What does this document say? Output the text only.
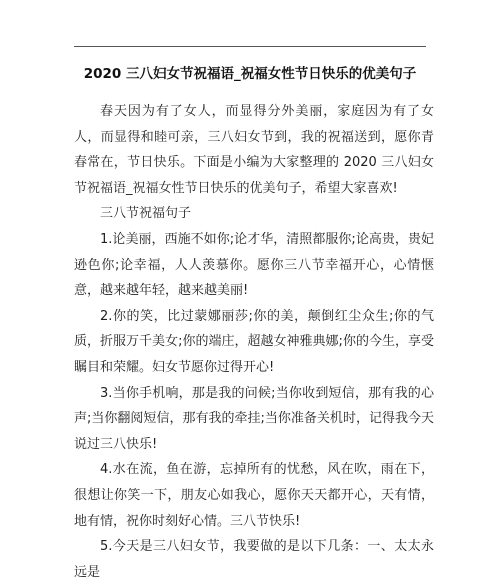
2020 三八妇女节祝福语_祝福女性节日快乐的优美句子

春天因为有了女人，而显得分外美丽，家庭因为有了女人，而显得和睦可亲，三八妇女节到，我的祝福送到，愿你青春常在，节日快乐。下面是小编为大家整理的 2020 三八妇女节祝福语_祝福女性节日快乐的优美句子，希望大家喜欢!

三八节祝福句子

1.论美丽，西施不如你;论才华，清照都服你;论高贵，贵妃逊色你;论幸福，人人羡慕你。愿你三八节幸福开心，心情惬意，越来越年轻，越来越美丽!

2.你的笑，比过蒙娜丽莎;你的美，颠倒红尘众生;你的气质，折服万千美女;你的端庄，超越女神雅典娜;你的今生，享受瞩目和荣耀。妇女节愿你过得开心!

3.当你手机响，那是我的问候;当你收到短信，那有我的心声;当你翻阅短信，那有我的牵挂;当你准备关机时，记得我今天说过三八快乐!

4.水在流，鱼在游，忘掉所有的忧愁，风在吹，雨在下，很想让你笑一下，朋友心如我心，愿你天天都开心，天有情，地有情，祝你时刻好心情。三八节快乐!

5.今天是三八妇女节，我要做的是以下几条：一、太太永远是
